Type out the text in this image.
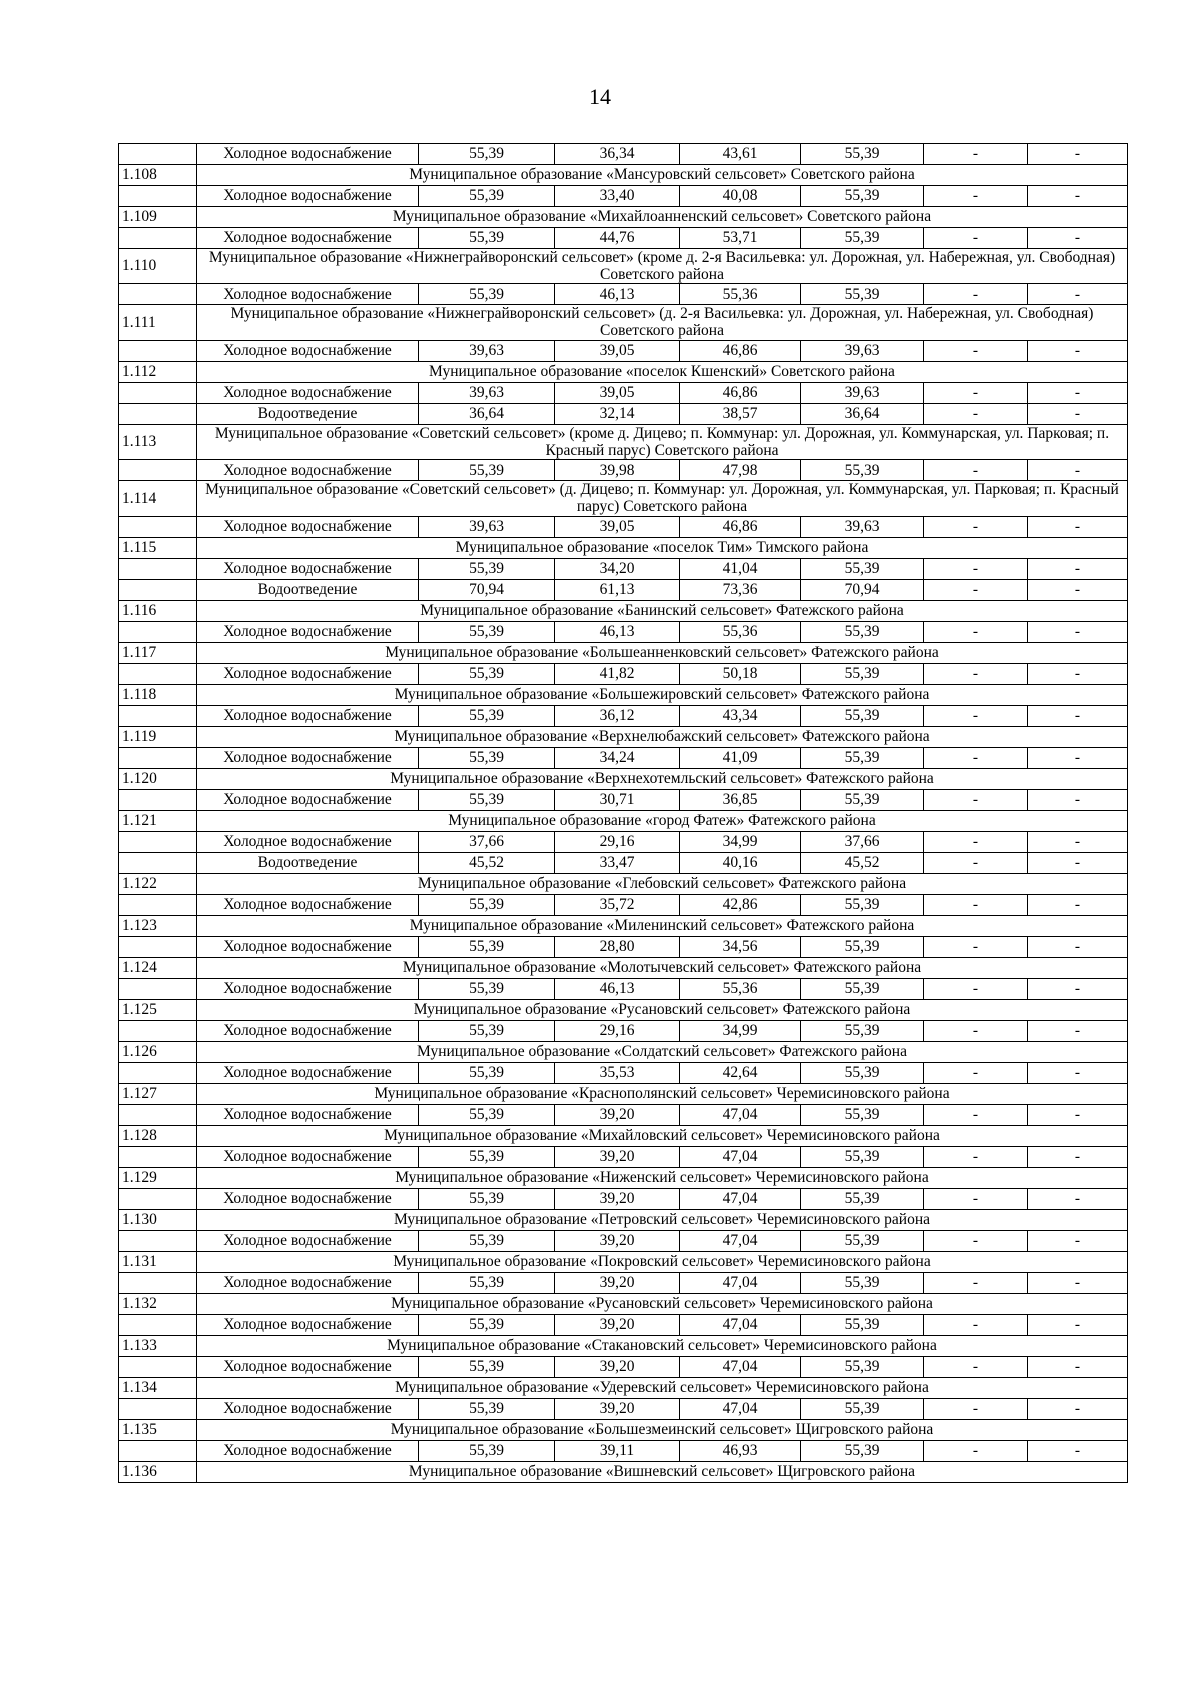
14
	Холодное водоснабжение	55,39	36,34	43,61	55,39	-	-
1.108	Муниципальное образование «Мансуровский сельсовет» Советского района						
	Холодное водоснабжение	55,39	33,40	40,08	55,39	-	-
1.109	Муниципальное образование «Михайлоанненский сельсовет» Советского района						
	Холодное водоснабжение	55,39	44,76	53,71	55,39	-	-
1.110	Муниципальное образование «Нижнеграйворонский сельсовет» (кроме д. 2-я Васильевка: ул. Дорожная, ул. Набережная, ул. Свободная) Советского района						
	Холодное водоснабжение	55,39	46,13	55,36	55,39	-	-
1.111	Муниципальное образование «Нижнеграйворонский сельсовет» (д. 2-я Васильевка: ул. Дорожная, ул. Набережная, ул. Свободная) Советского района						
	Холодное водоснабжение	39,63	39,05	46,86	39,63	-	-
1.112	Муниципальное образование «поселок Кшенский» Советского района						
	Холодное водоснабжение	39,63	39,05	46,86	39,63	-	-
	Водоотведение	36,64	32,14	38,57	36,64	-	-
1.113	Муниципальное образование «Советский сельсовет» (кроме д. Дицево; п. Коммунар: ул. Дорожная, ул. Коммунарская, ул. Парковая; п. Красный парус) Советского района						
	Холодное водоснабжение	55,39	39,98	47,98	55,39	-	-
1.114	Муниципальное образование «Советский сельсовет» (д. Дицево; п. Коммунар: ул. Дорожная, ул. Коммунарская, ул. Парковая; п. Красный парус) Советского района						
	Холодное водоснабжение	39,63	39,05	46,86	39,63	-	-
1.115	Муниципальное образование «поселок Тим» Тимского района						
	Холодное водоснабжение	55,39	34,20	41,04	55,39	-	-
	Водоотведение	70,94	61,13	73,36	70,94	-	-
1.116	Муниципальное образование «Банинский сельсовет» Фатежского района						
	Холодное водоснабжение	55,39	46,13	55,36	55,39	-	-
1.117	Муниципальное образование «Большеанненковский сельсовет» Фатежского района						
	Холодное водоснабжение	55,39	41,82	50,18	55,39	-	-
1.118	Муниципальное образование «Большежировский сельсовет» Фатежского района						
	Холодное водоснабжение	55,39	36,12	43,34	55,39	-	-
1.119	Муниципальное образование «Верхнелюбажский сельсовет» Фатежского района						
	Холодное водоснабжение	55,39	34,24	41,09	55,39	-	-
1.120	Муниципальное образование «Верхнехотемльский сельсовет» Фатежского района						
	Холодное водоснабжение	55,39	30,71	36,85	55,39	-	-
1.121	Муниципальное образование «город Фатеж» Фатежского района						
	Холодное водоснабжение	37,66	29,16	34,99	37,66	-	-
	Водоотведение	45,52	33,47	40,16	45,52	-	-
1.122	Муниципальное образование «Глебовский сельсовет» Фатежского района						
	Холодное водоснабжение	55,39	35,72	42,86	55,39	-	-
1.123	Муниципальное образование «Миленинский сельсовет» Фатежского района						
	Холодное водоснабжение	55,39	28,80	34,56	55,39	-	-
1.124	Муниципальное образование «Молотычевский сельсовет» Фатежского района						
	Холодное водоснабжение	55,39	46,13	55,36	55,39	-	-
1.125	Муниципальное образование «Русановский сельсовет» Фатежского района						
	Холодное водоснабжение	55,39	29,16	34,99	55,39	-	-
1.126	Муниципальное образование «Солдатский сельсовет» Фатежского района						
	Холодное водоснабжение	55,39	35,53	42,64	55,39	-	-
1.127	Муниципальное образование «Краснополянский сельсовет» Черемисиновского района						
	Холодное водоснабжение	55,39	39,20	47,04	55,39	-	-
1.128	Муниципальное образование «Михайловский сельсовет» Черемисиновского района						
	Холодное водоснабжение	55,39	39,20	47,04	55,39	-	-
1.129	Муниципальное образование «Ниженский сельсовет» Черемисиновского района						
	Холодное водоснабжение	55,39	39,20	47,04	55,39	-	-
1.130	Муниципальное образование «Петровский сельсовет» Черемисиновского района						
	Холодное водоснабжение	55,39	39,20	47,04	55,39	-	-
1.131	Муниципальное образование «Покровский сельсовет» Черемисиновского района						
	Холодное водоснабжение	55,39	39,20	47,04	55,39	-	-
1.132	Муниципальное образование «Русановский сельсовет» Черемисиновского района						
	Холодное водоснабжение	55,39	39,20	47,04	55,39	-	-
1.133	Муниципальное образование «Стакановский сельсовет» Черемисиновского района						
	Холодное водоснабжение	55,39	39,20	47,04	55,39	-	-
1.134	Муниципальное образование «Удеревский сельсовет» Черемисиновского района						
	Холодное водоснабжение	55,39	39,20	47,04	55,39	-	-
1.135	Муниципальное образование «Большезмеинский сельсовет» Щигровского района						
	Холодное водоснабжение	55,39	39,11	46,93	55,39	-	-
1.136	Муниципальное образование «Вишневский сельсовет» Щигровского района						
